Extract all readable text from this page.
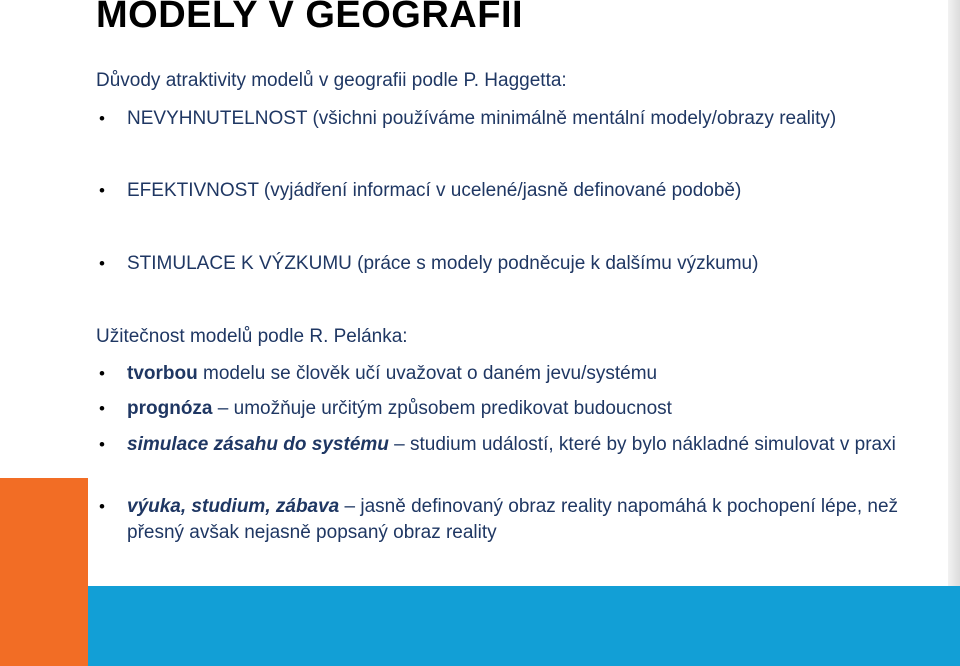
MODELY V GEOGRAFII

Důvody atraktivity modelů v geografii podle P. Haggetta:

• NEVYHNUTELNOST (všichni používáme minimálně mentální modely/obrazy reality)

• EFEKTIVNOST (vyjádření informací v ucelené/jasně definované podobě)

• STIMULACE K VÝZKUMU (práce s modely podněcuje k dalšímu výzkumu)

Užitečnost modelů podle R. Pelánka:

• tvorbou modelu se člověk učí uvažovat o daném jevu/systému

• prognóza – umožňuje určitým způsobem predikovat budoucnost

• simulace zásahu do systému – studium událostí, které by bylo nákladné simulovat v praxi

• výuka, studium, zábava – jasně definovaný obraz reality napomáhá k pochopení lépe, než přesný avšak nejasně popsaný obraz reality
